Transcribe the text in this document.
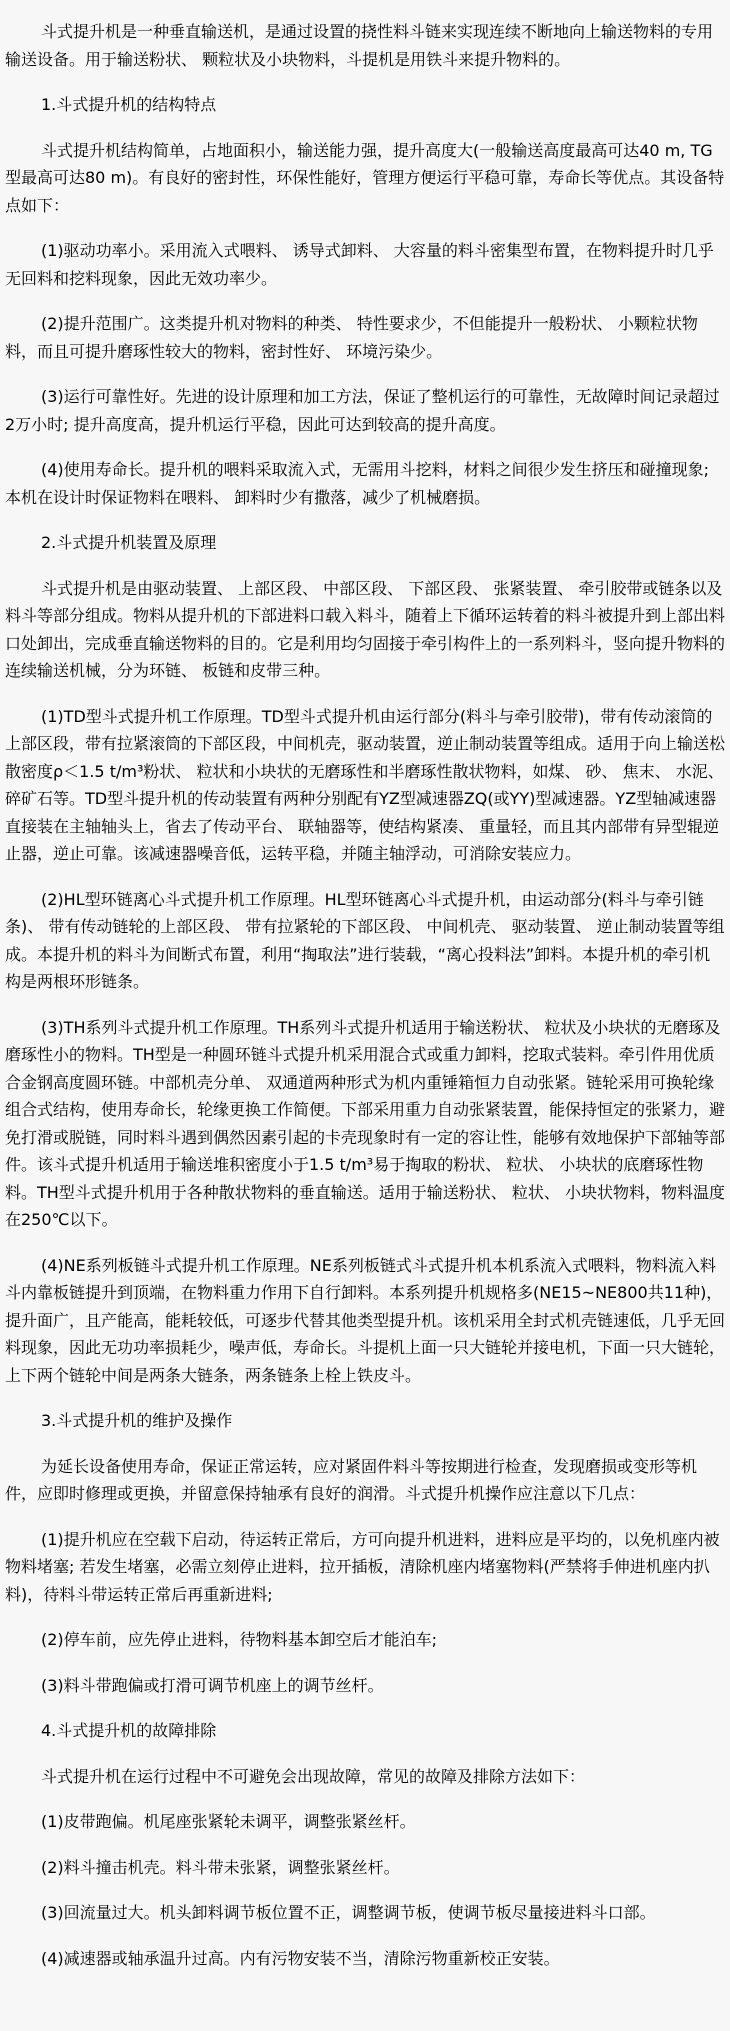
斗式提升机是一种垂直输送机，是通过设置的挠性料斗链来实现连续不断地向上输送物料的专用输送设备。用于输送粉状、 颗粒状及小块物料，斗提机是用铁斗来提升物料的。

1.斗式提升机的结构特点

斗式提升机结构简单，占地面积小，输送能力强，提升高度大(一般输送高度最高可达40 m, TG型最高可达80 m)。有良好的密封性，环保性能好，管理方便运行平稳可靠，寿命长等优点。其设备特点如下：

(1)驱动功率小。采用流入式喂料、 诱导式卸料、 大容量的料斗密集型布置，在物料提升时几乎无回料和挖料现象，因此无效功率少。

(2)提升范围广。这类提升机对物料的种类、 特性要求少，不但能提升一般粉状、 小颗粒状物料，而且可提升磨琢性较大的物料，密封性好、 环境污染少。

(3)运行可靠性好。先进的设计原理和加工方法，保证了整机运行的可靠性，无故障时间记录超过2万小时; 提升高度高，提升机运行平稳，因此可达到较高的提升高度。

(4)使用寿命长。提升机的喂料采取流入式，无需用斗挖料，材料之间很少发生挤压和碰撞现象; 本机在设计时保证物料在喂料、 卸料时少有撒落，减少了机械磨损。

2.斗式提升机装置及原理

斗式提升机是由驱动装置、 上部区段、 中部区段、 下部区段、 张紧装置、 牵引胶带或链条以及料斗等部分组成。物料从提升机的下部进料口载入料斗，随着上下循环运转着的料斗被提升到上部出料口处卸出，完成垂直输送物料的目的。它是利用均匀固接于牵引构件上的一系列料斗，竖向提升物料的连续输送机械，分为环链、 板链和皮带三种。

(1)TD型斗式提升机工作原理。TD型斗式提升机由运行部分(料斗与牵引胶带)，带有传动滚筒的上部区段，带有拉紧滚筒的下部区段，中间机壳，驱动装置，逆止制动装置等组成。适用于向上输送松散密度ρ＜1.5 t/m³粉状、 粒状和小块状的无磨琢性和半磨琢性散状物料，如煤、 砂、 焦末、 水泥、 碎矿石等。TD型斗提升机的传动装置有两种分别配有YZ型减速器ZQ(或YY)型减速器。YZ型轴减速器直接装在主轴轴头上，省去了传动平台、 联轴器等，使结构紧凑、 重量轻，而且其内部带有异型辊逆止器，逆止可靠。该减速器噪音低，运转平稳，并随主轴浮动，可消除安装应力。

(2)HL型环链离心斗式提升机工作原理。HL型环链离心斗式提升机，由运动部分(料斗与牵引链条)、 带有传动链轮的上部区段、 带有拉紧轮的下部区段、 中间机壳、 驱动装置、 逆止制动装置等组成。本提升机的料斗为间断式布置，利用“掏取法”进行装载，“离心投料法”卸料。本提升机的牵引机构是两根环形链条。

(3)TH系列斗式提升机工作原理。TH系列斗式提升机适用于输送粉状、 粒状及小块状的无磨琢及磨琢性小的物料。TH型是一种圆环链斗式提升机采用混合式或重力卸料，挖取式装料。牵引件用优质合金钢高度圆环链。中部机壳分单、 双通道两种形式为机内重锤箱恒力自动张紧。链轮采用可换轮缘组合式结构，使用寿命长，轮缘更换工作简便。下部采用重力自动张紧装置，能保持恒定的张紧力，避免打滑或脱链，同时料斗遇到偶然因素引起的卡壳现象时有一定的容让性，能够有效地保护下部轴等部件。该斗式提升机适用于输送堆积密度小于1.5 t/m³易于掏取的粉状、 粒状、 小块状的底磨琢性物料。TH型斗式提升机用于各种散状物料的垂直输送。适用于输送粉状、 粒状、 小块状物料，物料温度在250℃以下。

(4)NE系列板链斗式提升机工作原理。NE系列板链式斗式提升机本机系流入式喂料，物料流入料斗内靠板链提升到顶端，在物料重力作用下自行卸料。本系列提升机规格多(NE15~NE800共11种)，提升面广，且产能高，能耗较低，可逐步代替其他类型提升机。该机采用全封式机壳链速低，几乎无回料现象，因此无功功率损耗少，噪声低，寿命长。斗提机上面一只大链轮并接电机，下面一只大链轮，上下两个链轮中间是两条大链条，两条链条上栓上铁皮斗。

3.斗式提升机的维护及操作

为延长设备使用寿命，保证正常运转，应对紧固件料斗等按期进行检查，发现磨损或变形等机件，应即时修理或更换，并留意保持轴承有良好的润滑。斗式提升机操作应注意以下几点：

(1)提升机应在空载下启动，待运转正常后，方可向提升机进料，进料应是平均的，以免机座内被物料堵塞; 若发生堵塞，必需立刻停止进料，拉开插板，清除机座内堵塞物料(严禁将手伸进机座内扒料)，待料斗带运转正常后再重新进料;

(2)停车前，应先停止进料，待物料基本卸空后才能泊车;

(3)料斗带跑偏或打滑可调节机座上的调节丝杆。

4.斗式提升机的故障排除

斗式提升机在运行过程中不可避免会出现故障，常见的故障及排除方法如下：

(1)皮带跑偏。机尾座张紧轮未调平，调整张紧丝杆。

(2)料斗撞击机壳。料斗带未张紧，调整张紧丝杆。

(3)回流量过大。机头卸料调节板位置不正，调整调节板，使调节板尽量接进料斗口部。

(4)减速器或轴承温升过高。内有污物安装不当，清除污物重新校正安装。
